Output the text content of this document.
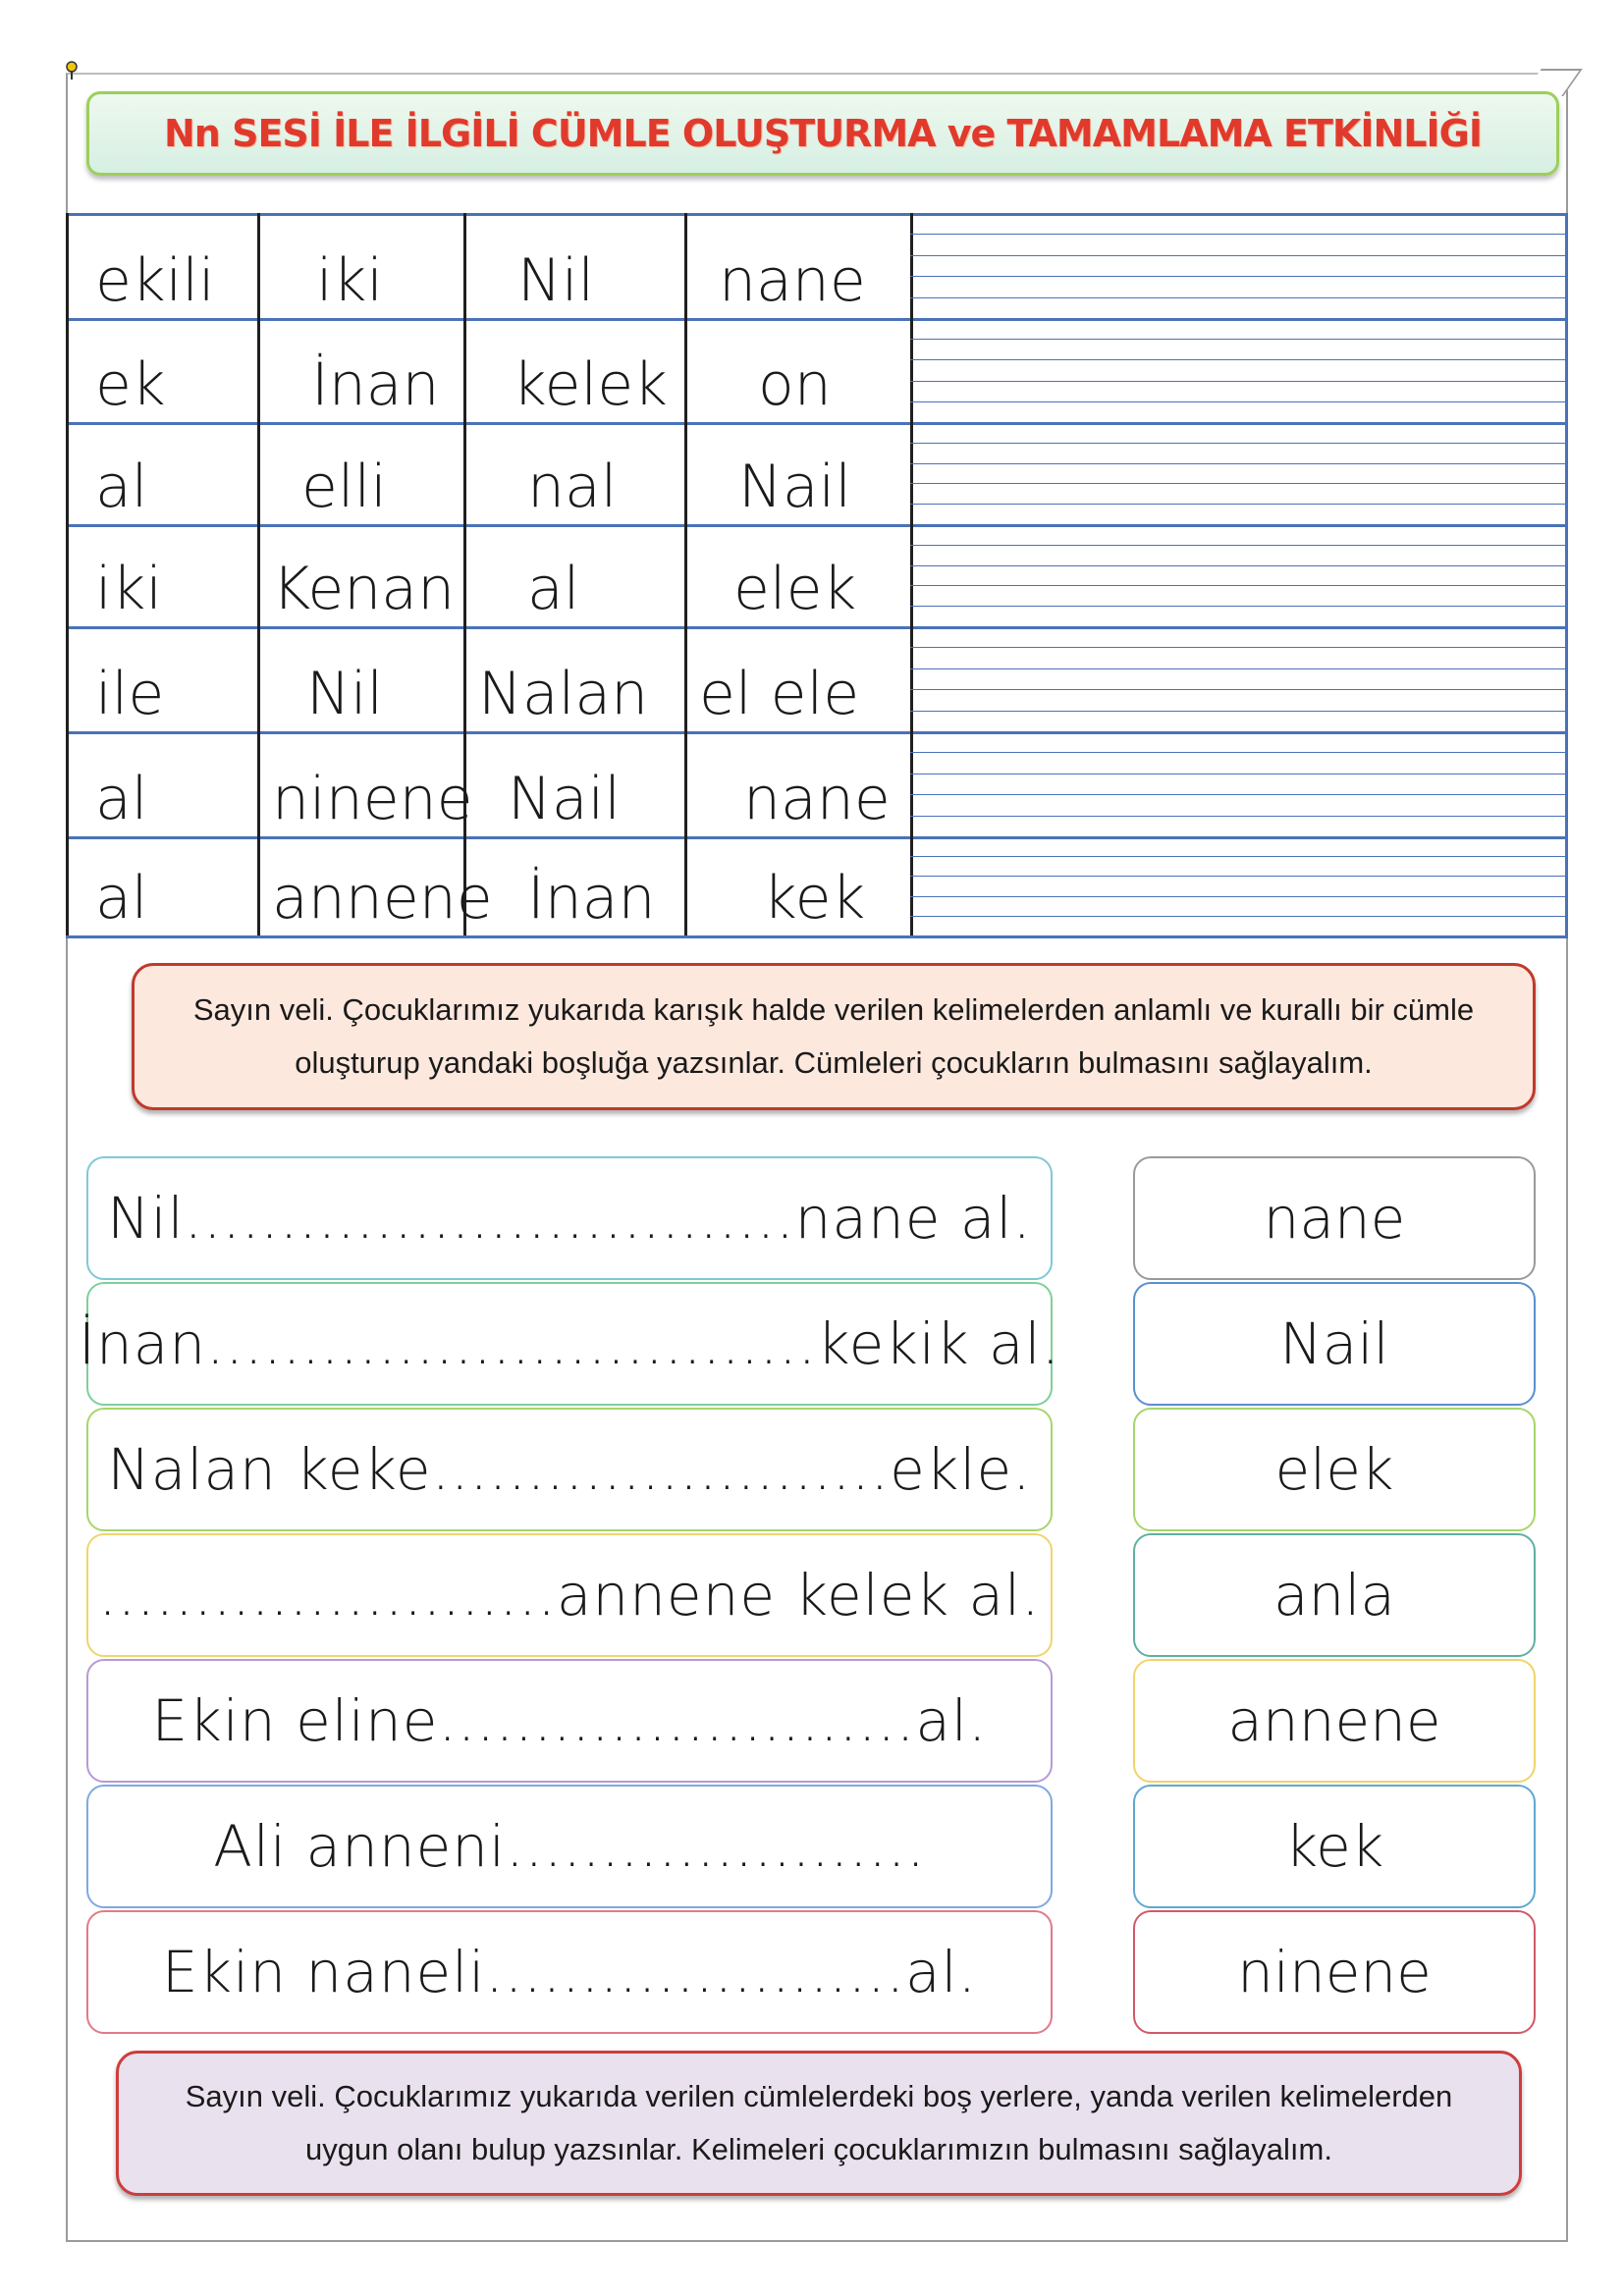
Nn SESİ İLE İLGİLİ CÜMLE OLUŞTURMA ve TAMAMLAMA ETKİNLİĞİ
ekili iki Nil nane
ek İnan kelek on
al	elli nal Nail
iki Kenan al	elek
ile Nil Nalan el ele
al ninene Nail nane
al annene İnan kek
Sayın veli. Çocuklarımız yukarıda karışık halde verilen kelimelerden anlamlı ve kurallı bir cümle
oluşturup yandaki boşluğa yazsınlar. Cümleleri çocukların bulmasını sağlayalım.
Nil................................nane al.
İnan................................kekik al.
Nalan keke........................ekle.
........................annene kelek al.
Ekin eline.........................al.
Ali anneni......................
Ekin naneli......................al.
nane
Nail
elek
anla
annene
kek
ninene
Sayın veli. Çocuklarımız yukarıda verilen cümlelerdeki boş yerlere, yanda verilen kelimelerden
uygun olanı bulup yazsınlar. Kelimeleri çocuklarımızın bulmasını sağlayalım.
